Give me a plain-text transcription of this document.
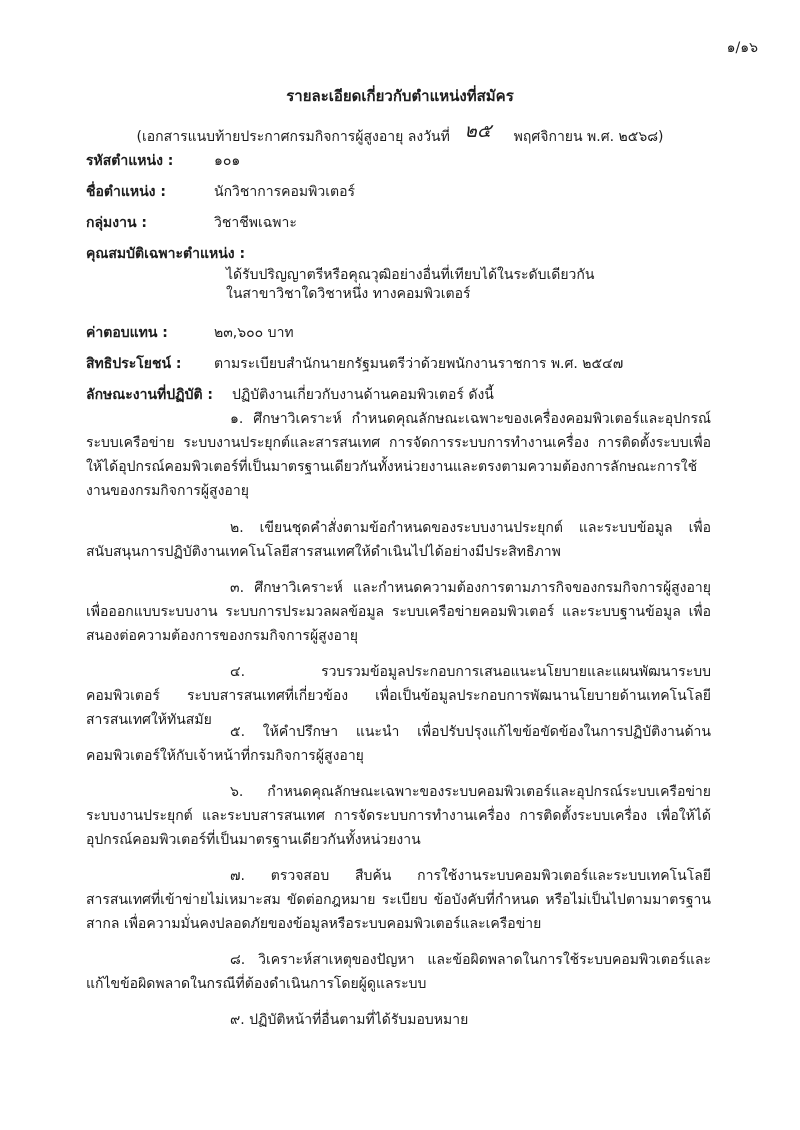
๑/๑๖
รายละเอียดเกี่ยวกับตำแหน่งที่สมัคร
(เอกสารแนบท้ายประกาศกรมกิจการผู้สูงอายุ ลงวันที่ ๒๕ พฤศจิกายน พ.ศ. ๒๕๖๘)
รหัสตำแหน่ง :	๑๐๑
ชื่อตำแหน่ง :	นักวิชาการคอมพิวเตอร์
กลุ่มงาน :	วิชาชีพเฉพาะ
คุณสมบัติเฉพาะตำแหน่ง :
ได้รับปริญญาตรีหรือคุณวุฒิอย่างอื่นที่เทียบได้ในระดับเดียวกัน
ในสาขาวิชาใดวิชาหนึ่ง ทางคอมพิวเตอร์
ค่าตอบแทน :	๒๓,๖๐๐ บาท
สิทธิประโยชน์ : ตามระเบียบสำนักนายกรัฐมนตรีว่าด้วยพนักงานราชการ พ.ศ. ๒๕๔๗
ลักษณะงานที่ปฏิบัติ : ปฏิบัติงานเกี่ยวกับงานด้านคอมพิวเตอร์ ดังนี้
๑. ศึกษาวิเคราะห์ กำหนดคุณลักษณะเฉพาะของเครื่องคอมพิวเตอร์และอุปกรณ์ระบบเครือข่าย ระบบงานประยุกต์และสารสนเทศ การจัดการระบบการทำงานเครื่อง การติดตั้งระบบเพื่อให้ได้อุปกรณ์คอมพิวเตอร์ที่เป็นมาตรฐานเดียวกันทั้งหน่วยงานและตรงตามความต้องการลักษณะการใช้งานของกรมกิจการผู้สูงอายุ
๒. เขียนชุดคำสั่งตามข้อกำหนดของระบบงานประยุกต์ และระบบข้อมูล เพื่อสนับสนุนการปฏิบัติงานเทคโนโลยีสารสนเทศให้ดำเนินไปได้อย่างมีประสิทธิภาพ
๓. ศึกษาวิเคราะห์ และกำหนดความต้องการตามภารกิจของกรมกิจการผู้สูงอายุ เพื่อออกแบบระบบงาน ระบบการประมวลผลข้อมูล ระบบเครือข่ายคอมพิวเตอร์ และระบบฐานข้อมูล เพื่อสนองต่อความต้องการของกรมกิจการผู้สูงอายุ
๔. รวบรวมข้อมูลประกอบการเสนอแนะนโยบายและแผนพัฒนาระบบคอมพิวเตอร์ ระบบสารสนเทศที่เกี่ยวข้อง เพื่อเป็นข้อมูลประกอบการพัฒนานโยบายด้านเทคโนโลยีสารสนเทศให้ทันสมัย
๕. ให้คำปรึกษา แนะนำ เพื่อปรับปรุงแก้ไขข้อขัดข้องในการปฏิบัติงานด้านคอมพิวเตอร์ให้กับเจ้าหน้าที่กรมกิจการผู้สูงอายุ
๖. กำหนดคุณลักษณะเฉพาะของระบบคอมพิวเตอร์และอุปกรณ์ระบบเครือข่าย ระบบงานประยุกต์ และระบบสารสนเทศ การจัดระบบการทำงานเครื่อง การติดตั้งระบบเครื่อง เพื่อให้ได้อุปกรณ์คอมพิวเตอร์ที่เป็นมาตรฐานเดียวกันทั้งหน่วยงาน
๗. ตรวจสอบ สืบค้น การใช้งานระบบคอมพิวเตอร์และระบบเทคโนโลยีสารสนเทศที่เข้าข่ายไม่เหมาะสม ขัดต่อกฎหมาย ระเบียบ ข้อบังคับที่กำหนด หรือไม่เป็นไปตามมาตรฐานสากล เพื่อความมั่นคงปลอดภัยของข้อมูลหรือระบบคอมพิวเตอร์และเครือข่าย
๘. วิเคราะห์สาเหตุของปัญหา และข้อผิดพลาดในการใช้ระบบคอมพิวเตอร์และแก้ไขข้อผิดพลาดในกรณีที่ต้องดำเนินการโดยผู้ดูแลระบบ
๙. ปฏิบัติหน้าที่อื่นตามที่ได้รับมอบหมาย
